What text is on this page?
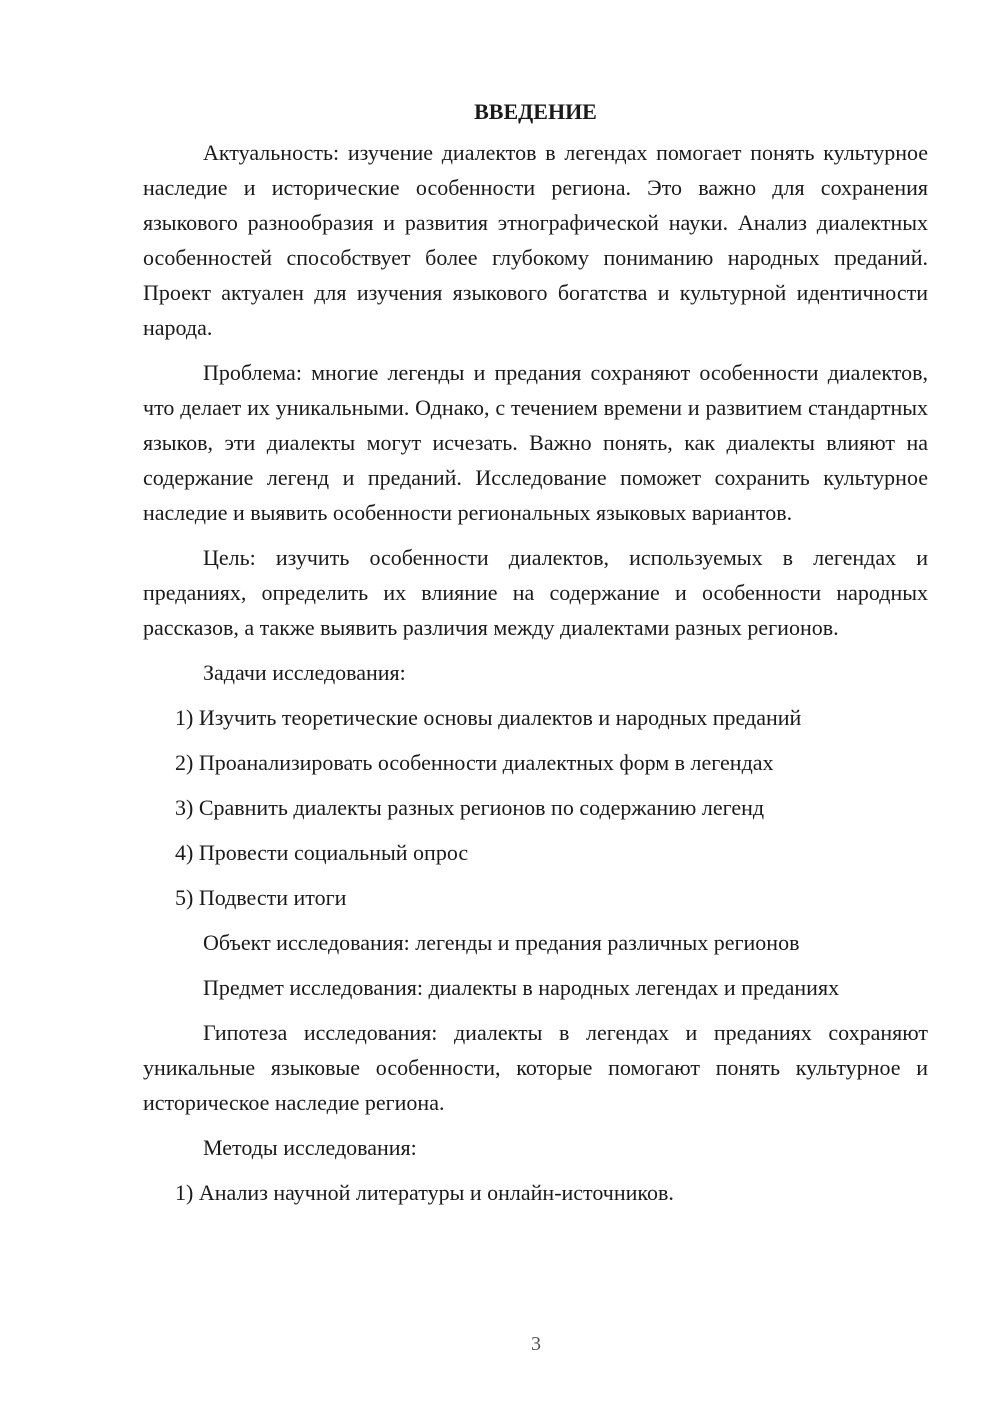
ВВЕДЕНИЕ

Актуальность: изучение диалектов в легендах помогает понять культурное наследие и исторические особенности региона. Это важно для сохранения языкового разнообразия и развития этнографической науки. Анализ диалектных особенностей способствует более глубокому пониманию народных преданий. Проект актуален для изучения языкового богатства и культурной идентичности народа.

Проблема: многие легенды и предания сохраняют особенности диалектов, что делает их уникальными. Однако, с течением времени и развитием стандартных языков, эти диалекты могут исчезать. Важно понять, как диалекты влияют на содержание легенд и преданий. Исследование поможет сохранить культурное наследие и выявить особенности региональных языковых вариантов.

Цель: изучить особенности диалектов, используемых в легендах и преданиях, определить их влияние на содержание и особенности народных рассказов, а также выявить различия между диалектами разных регионов.

Задачи исследования:

1) Изучить теоретические основы диалектов и народных преданий

2) Проанализировать особенности диалектных форм в легендах

3) Сравнить диалекты разных регионов по содержанию легенд

4) Провести социальный опрос

5) Подвести итоги

Объект исследования: легенды и предания различных регионов

Предмет исследования: диалекты в народных легендах и преданиях

Гипотеза исследования: диалекты в легендах и преданиях сохраняют уникальные языковые особенности, которые помогают понять культурное и историческое наследие региона.

Методы исследования:

1) Анализ научной литературы и онлайн-источников.

3
